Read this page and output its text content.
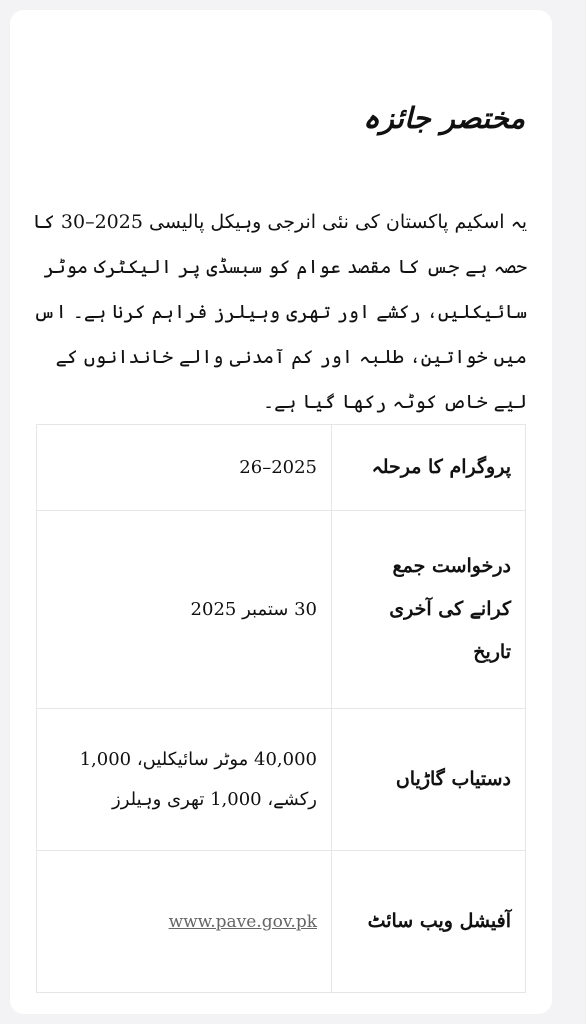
مختصر جائزہ

یہ اسکیم پاکستان کی نئی انرجی وہیکل پالیسی 2025–30 کا حصہ ہے جس کا مقصد عوام کو سبسڈی پر الیکٹرک موٹر سائیکلیں، رکشے اور تھری وہیلرز فراہم کرنا ہے۔ اس میں خواتین، طلبہ اور کم آمدنی والے خاندانوں کے لیے خاص کوٹہ رکھا گیا ہے۔

پروگرام کا مرحلہ	2025–26
درخواست جمع کرانے کی آخری تاریخ	30 ستمبر 2025
دستیاب گاڑیاں	40,000 موٹر سائیکلیں، 1,000 رکشے، 1,000 تھری وہیلرز
آفیشل ویب سائٹ	www.pave.gov.pk
